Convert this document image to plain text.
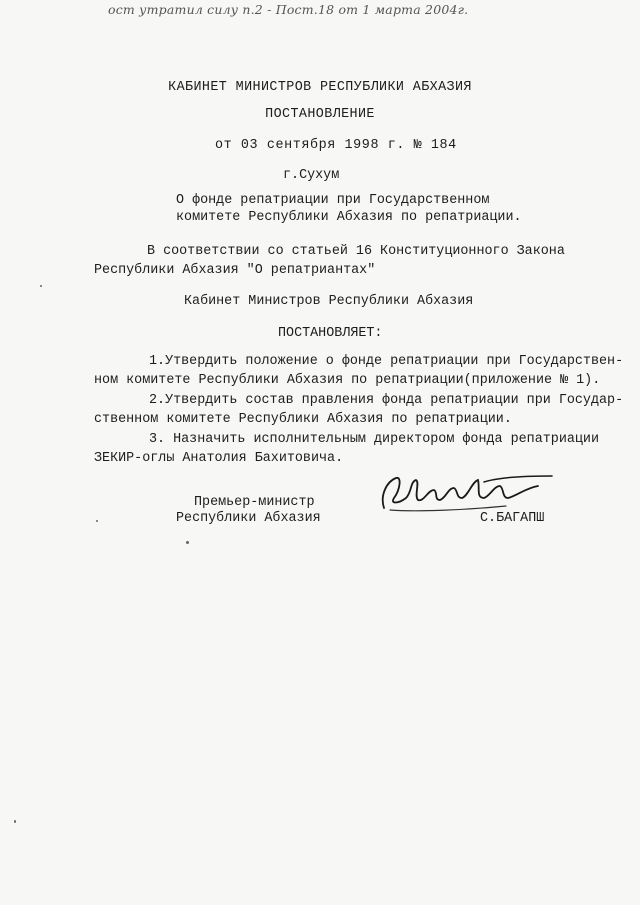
ост утратил силу п.2 - Пост.18 от 1 марта 2004г.
КАБИНЕТ МИНИСТРОВ РЕСПУБЛИКИ АБХАЗИЯ
ПОСТАНОВЛЕНИЕ
от 03 сентября 1998 г. № 184
г.Сухум
О фонде репатриации при Государственном
комитете Республики Абхазия по репатриации.
В соответствии со статьей 16 Конституционного Закона
Республики Абхазия "О репатриантах"
Кабинет Министров Республики Абхазия
ПОСТАНОВЛЯЕТ:
1.Утвердить положение о фонде репатриации при Государствен-
ном комитете Республики Абхазия по репатриации(приложение № 1).
2.Утвердить состав правления фонда репатриации при Государ-
ственном комитете Республики Абхазия по репатриации.
3. Назначить исполнительным директором фонда репатриации
ЗЕКИР-оглы Анатолия Бахитовича.
Премьер-министр
Республики Абхазия	С.БАГАПШ
